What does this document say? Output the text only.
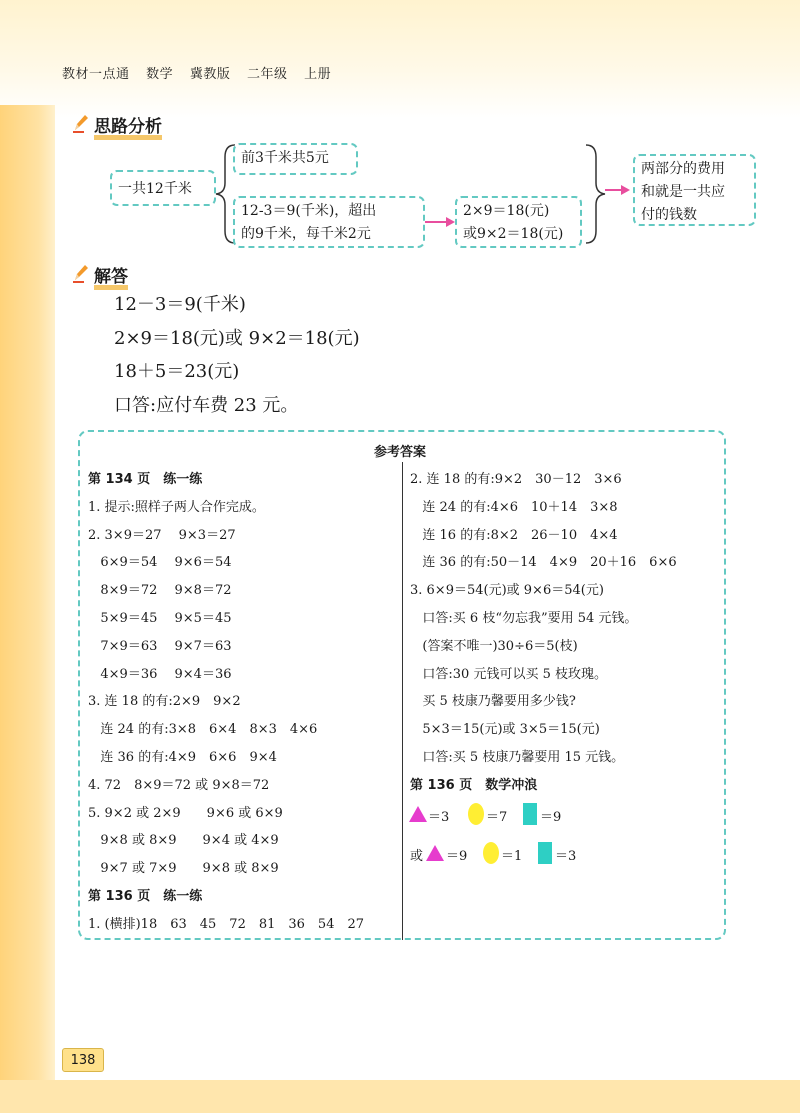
教材一点通 数学 冀教版 二年级 上册
思路分析
一共12千米
前3千米共5元
12-3＝9(千米)，超出
的9千米，每千米2元
2×9＝18(元)
或9×2＝18(元)
两部分的费用
和就是一共应
付的钱数
解答
12－3＝9(千米)
2×9＝18(元)或 9×2＝18(元)
18＋5＝23(元)
口答:应付车费 23 元。
参考答案
第 134 页　练一练
1. 提示:照样子两人合作完成。
2. 3×9＝27　 9×3＝27
6×9＝54　 9×6＝54
8×9＝72　 9×8＝72
5×9＝45　 9×5＝45
7×9＝63　 9×7＝63
4×9＝36　 9×4＝36
3. 连 18 的有:2×9　9×2
连 24 的有:3×8　6×4　8×3　4×6
连 36 的有:4×9　6×6　9×4
4. 72　8×9＝72 或 9×8＝72
5. 9×2 或 2×9　　9×6 或 6×9
9×8 或 8×9　　9×4 或 4×9
9×7 或 7×9　　9×8 或 8×9
第 136 页　练一练
1. (横排)18　63　45　72　81　36　54　27
2. 连 18 的有:9×2　30－12　3×6
连 24 的有:4×6　10＋14　3×8
连 16 的有:8×2　26－10　4×4
连 36 的有:50－14　4×9　20＋16　6×6
3. 6×9＝54(元)或 9×6＝54(元)
口答:买 6 枝“勿忘我”要用 54 元钱。
(答案不唯一)30÷6＝5(枝)
口答:30 元钱可以买 5 枝玫瑰。
买 5 枝康乃馨要用多少钱?
5×3＝15(元)或 3×5＝15(元)
口答:买 5 枝康乃馨要用 15 元钱。
第 136 页　数学冲浪
＝3	＝7	＝9
或 ＝9	＝1	＝3
138
